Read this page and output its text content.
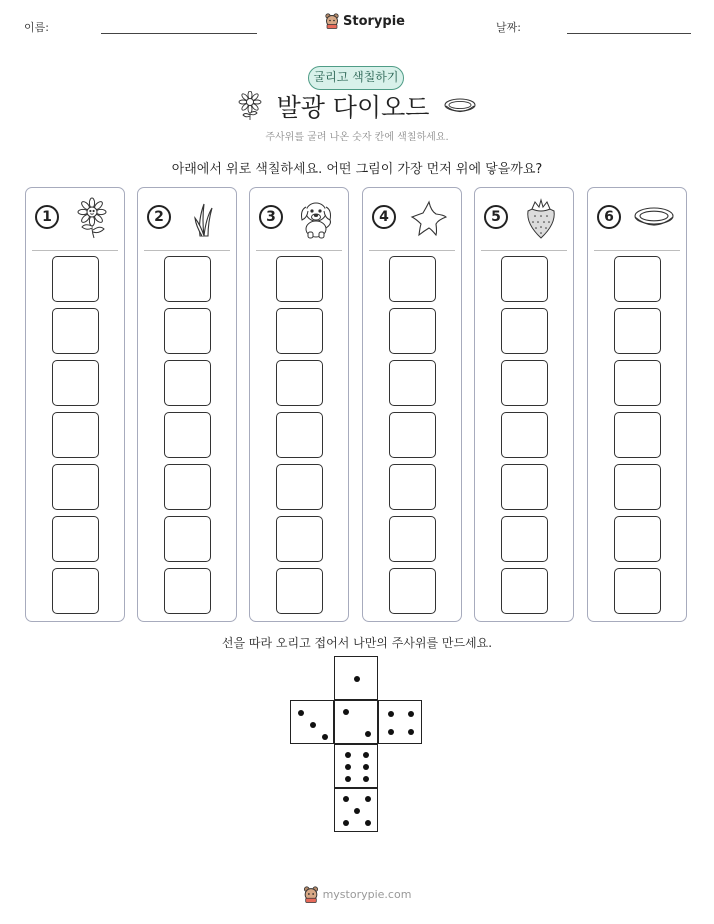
이름:	Storypie	날짜:
굴리고 색칠하기
발광 다이오드
주사위를 굴려 나온 숫자 칸에 색칠하세요.
아래에서 위로 색칠하세요. 어떤 그림이 가장 먼저 위에 닿을까요?
1	2	3	4	5	6
선을 따라 오리고 접어서 나만의 주사위를 만드세요.
mystorypie.com
